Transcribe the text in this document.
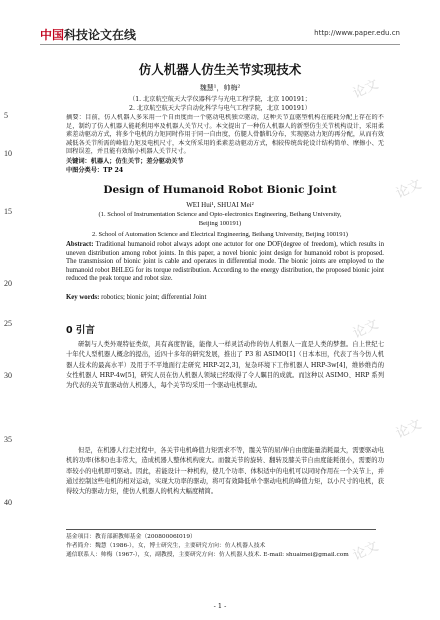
论文
论文
论文
论文
论文
中国科技论文在线	http://www.paper.edu.cn
5
10
15
20
25
30
35
40
仿人机器人仿生关节实现技术
魏慧¹，帅梅²
（1. 北京航空航天大学仪器科学与光电工程学院，北京 100191；
2. 北京航空航天大学自动化科学与电气工程学院，北京 100191）
摘要：目前，仿人机器人多采用一个自由度由一个驱动电机独立驱动，这种关节直驱型机构在能耗分配上存在的不足，制约了仿人机器人能耗利用率及机器人关节尺寸。本文提出了一种仿人机器人的新型仿生关节机构设计，采用柔素差动驱动方式，将多个电机的力矩同时作用于同一自由度，仿腿人骨骼肌分布，实现驱动力矩的再分配，从而有效减低各关节所需的峰值力矩及电机尺寸，本文所采用的柔素差动驱动方式，相较传统齿轮设计结构简单、摩擦小、无回程误差，并且能有效缩小机器人关节尺寸。
关键词：机器人；仿生关节；差分驱动关节
中图分类号：TP 24
Design of Humanoid Robot Bionic Joint
WEI Hui¹, SHUAI Mei²
(1. School of Instrumentation Science and Opto-electronics Engineering, Beihang University,
Beijing 100191)
2. School of Automation Science and Electrical Engineering, Beihang University, Beijing 100191)
Abstract: Traditional humanoid robot always adopt one actutor for one DOF(degree of freedom), which results in uneven distribution among robot joints. In this paper, a novel bionic joint design for humanoid robot is proposed. The transmission of bionic joint is cable and operates in differential mode. The bionic joints are employed to the humanoid robot BHLEG for its torque redistribution. According to the energy distribution, the proposed bionic joint reduced the peak torque and robot size.
Key words: robotics; bionic joint; differential Joint
0 引言
研制与人类外观特征类似，具有高度智能，能像人一样灵活动作的仿人机器人一直是人类的梦想。自上世纪七十年代人型机器人概念的提出，近四十多年的研究发展，推出了 P3 和 ASIMO[1]（日本本田，代表了当今仿人机器人技术的最高水平）及用于不平地面行走研究 HRP-2[2,3]，复杂环境下工作机器人 HRP-3w[4]，维妙维肖的女性机器人 HRP-4w[5]，研究人员在仿人机器人领域已经取得了令人瞩目的成就。而这种以 ASIMO、HRP 系列为代表的关节直驱动仿人机器人，每个关节均采用一个驱动电机驱动。
但是，在机器人行走过程中，各关节电机峰值力矩需求不等，髋关节的屈/伸自由度能量消耗最大，需要驱动电机的功率(体积)也非常大，造成机器人整体机构庞大。而髋关节的旋转、翻转及膝关节自由度能耗很小，需要的功率较小的电机即可驱动。因此，若能设计一种机构，使几个功率、体积适中的电机可以同时作用在一个关节上，并通过控制这些电机的相对运动，实现大功率的驱动，将可有效降低单个驱动电机的峰值力矩，以小尺寸的电机，获得较大的驱动力矩，使仿人机器人的机构大幅度精简。
基金项目：教育部新教师基金（20080006I019）
作者简介：魏慧（1986-），女，博士研究生，主要研究方向：仿人机器人技术
通信联系人：帅梅（1967-），女，副教授，主要研究方向：仿人机器人技术. E-mail: shuaimei@gmail.com
- 1 -
